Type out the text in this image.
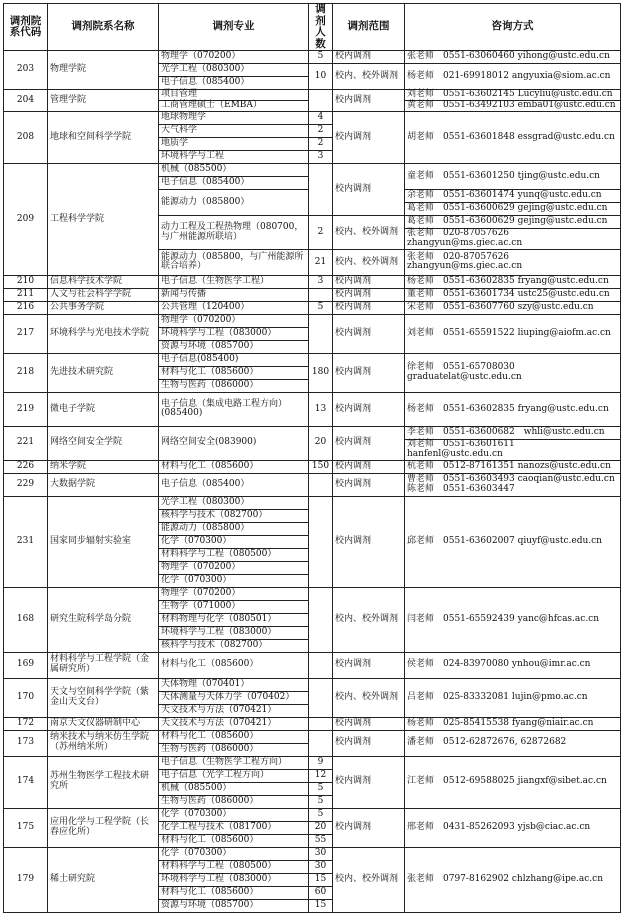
调剂院系代码	调剂院系名称	调剂专业	调剂人数	调剂范围	咨询方式
203	物理学院	物理学（070200）	5	校内调剂	张老师　0551-63060460 yihong@ustc.edu.cn
		光学工程（080300）	10	校内、校外调剂	杨老师　021-69918012 angyuxia@siom.ac.cn
		电子信息（085400）			
204	管理学院	项目管理		校内调剂	刘老师　0551-63602145 Lucyliu@ustc.edu.cn
		工商管理硕士（EMBA）			黄老师　0551-63492103 emba01@ustc.edu.cn
208	地球和空间科学学院	地球物理学	4	校内调剂	胡老师　0551-63601848 essgrad@ustc.edu.cn
		大气科学	2		
		地质学	2		
		环境科学与工程	3		
209	工程科学学院	机械（085500）		校内调剂	童老师　0551-63601250 tjing@ustc.edu.cn
		电子信息（085400）			
		能源动力（085800）			余老师　0551-63601474 yunq@ustc.edu.cn
					葛老师　0551-63600629 gejing@ustc.edu.cn
		动力工程及工程热物理（080700，与广州能源所联培）	2	校内、校外调剂	葛老师　0551-63600629 gejing@ustc.edu.cn
					张老师　020-87057626 zhangyun@ms.giec.ac.cn
		能源动力（085800，与广州能源所联合培养）	21	校内、校外调剂	张老师　020-87057626 zhangyun@ms.giec.ac.cn
210	信息科学技术学院	电子信息（生物医学工程）	3	校内调剂	杨老师　0551-63602835 fryang@ustc.edu.cn
211	人文与社会科学学院	新闻与传播		校内调剂	董老师　0551-63601734 ustc25@ustc.edu.cn
216	公共事务学院	公共管理（120400）	5	校内调剂	宋老师　0551-63607760 szy@ustc.edu.cn
217	环境科学与光电技术学院	物理学（070200）		校内调剂	刘老师　0551-65591522 liuping@aiofm.ac.cn
		环境科学与工程（083000）			
		资源与环境（085700）			
218	先进技术研究院	电子信息(085400)	180	校内调剂	徐老师　0551-65708030 graduatelat@ustc.edu.cn
		材料与化工（085600）			
		生物与医药（086000）			
219	微电子学院	电子信息（集成电路工程方向）(085400)	13	校内调剂	杨老师　0551-63602835 fryang@ustc.edu.cn
221	网络空间安全学院	网络空间安全(083900)	20	校内调剂	李老师　0551-63600682　whli@ustc.edu.cn
					刘老师　0551-63601611　hanfenl@ustc.edu.cn
226	纳米学院	材料与化工（085600）	150	校内调剂	杭老师　0512-87161351 nanozs@ustc.edu.cn
229	大数据学院	电子信息（085400）		校内调剂	曹老师　0551-63603493 caoqian@ustc.edu.cn　陈老师　0551-63603447
231	国家同步辐射实验室	光学工程（080300）		校内调剂	邱老师　0551-63602007 qiuyf@ustc.edu.cn
		核科学与技术（082700）			
		能源动力（085800）			
		化学（070300）			
		材料科学与工程（080500）			
		物理学（070200）			
		化学（070300）			
168	研究生院科学岛分院	物理学（070200）		校内、校外调剂	闫老师　0551-65592439 yanc@hfcas.ac.cn
		生物学（071000）			
		材料物理与化学（080501）			
		环境科学与工程（083000）			
		核科学与技术（082700）			
169	材料科学与工程学院（金属研究所）	材料与化工（085600）		校内调剂	侯老师　024-83970080 ynhou@imr.ac.cn
170	天文与空间科学学院（紫金山天文台）	天体物理（070401）		校内、校外调剂	吕老师　025-83332081 lujin@pmo.ac.cn
		天体测量与天体力学（070402）			
		天文技术与方法（070421）			
172	南京天文仪器研制中心	天文技术与方法（070421）		校内调剂	杨老师　025-85415538 fyang@niair.ac.cn
173	纳米技术与纳米仿生学院（苏州纳米所）	材料与化工（085600）		校内调剂	潘老师　0512-62872676, 62872682
		生物与医药（086000）			
174	苏州生物医学工程技术研究所	电子信息（生物医学工程方向）	9	校内调剂	江老师　0512-69588025 jiangxf@sibet.ac.cn
		电子信息（光学工程方向）	12		
		机械（085500）	5		
		生物与医药（086000）	5		
175	应用化学与工程学院（长春应化所）	化学（070300）	5	校内调剂	邢老师　0431-85262093 yjsb@ciac.ac.cn
		化学工程与技术（081700）	20		
		材料与化工（085600）	55		
179	稀土研究院	化学（070300）	30	校内、校外调剂	张老师　0797-8162902 chlzhang@ipe.ac.cn
		材料科学与工程（080500）	30		
		环境科学与工程（083000）	15		
		材料与化工（085600）	60		
		资源与环境（085700）	15		
